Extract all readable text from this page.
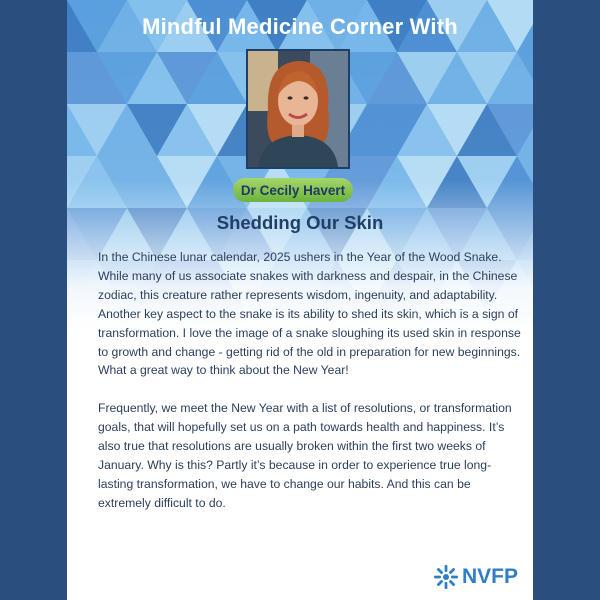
Mindful Medicine Corner With
Dr Cecily Havert
Shedding Our Skin

In the Chinese lunar calendar, 2025 ushers in the Year of the Wood Snake. While many of us associate snakes with darkness and despair, in the Chinese zodiac, this creature rather represents wisdom, ingenuity, and adaptability. Another key aspect to the snake is its ability to shed its skin, which is a sign of transformation. I love the image of a snake sloughing its used skin in response to growth and change - getting rid of the old in preparation for new beginnings. What a great way to think about the New Year!

Frequently, we meet the New Year with a list of resolutions, or transformation goals, that will hopefully set us on a path towards health and happiness. It’s also true that resolutions are usually broken within the first two weeks of January. Why is this? Partly it’s because in order to experience true long-lasting transformation, we have to change our habits. And this can be extremely difficult to do.

NVFP
